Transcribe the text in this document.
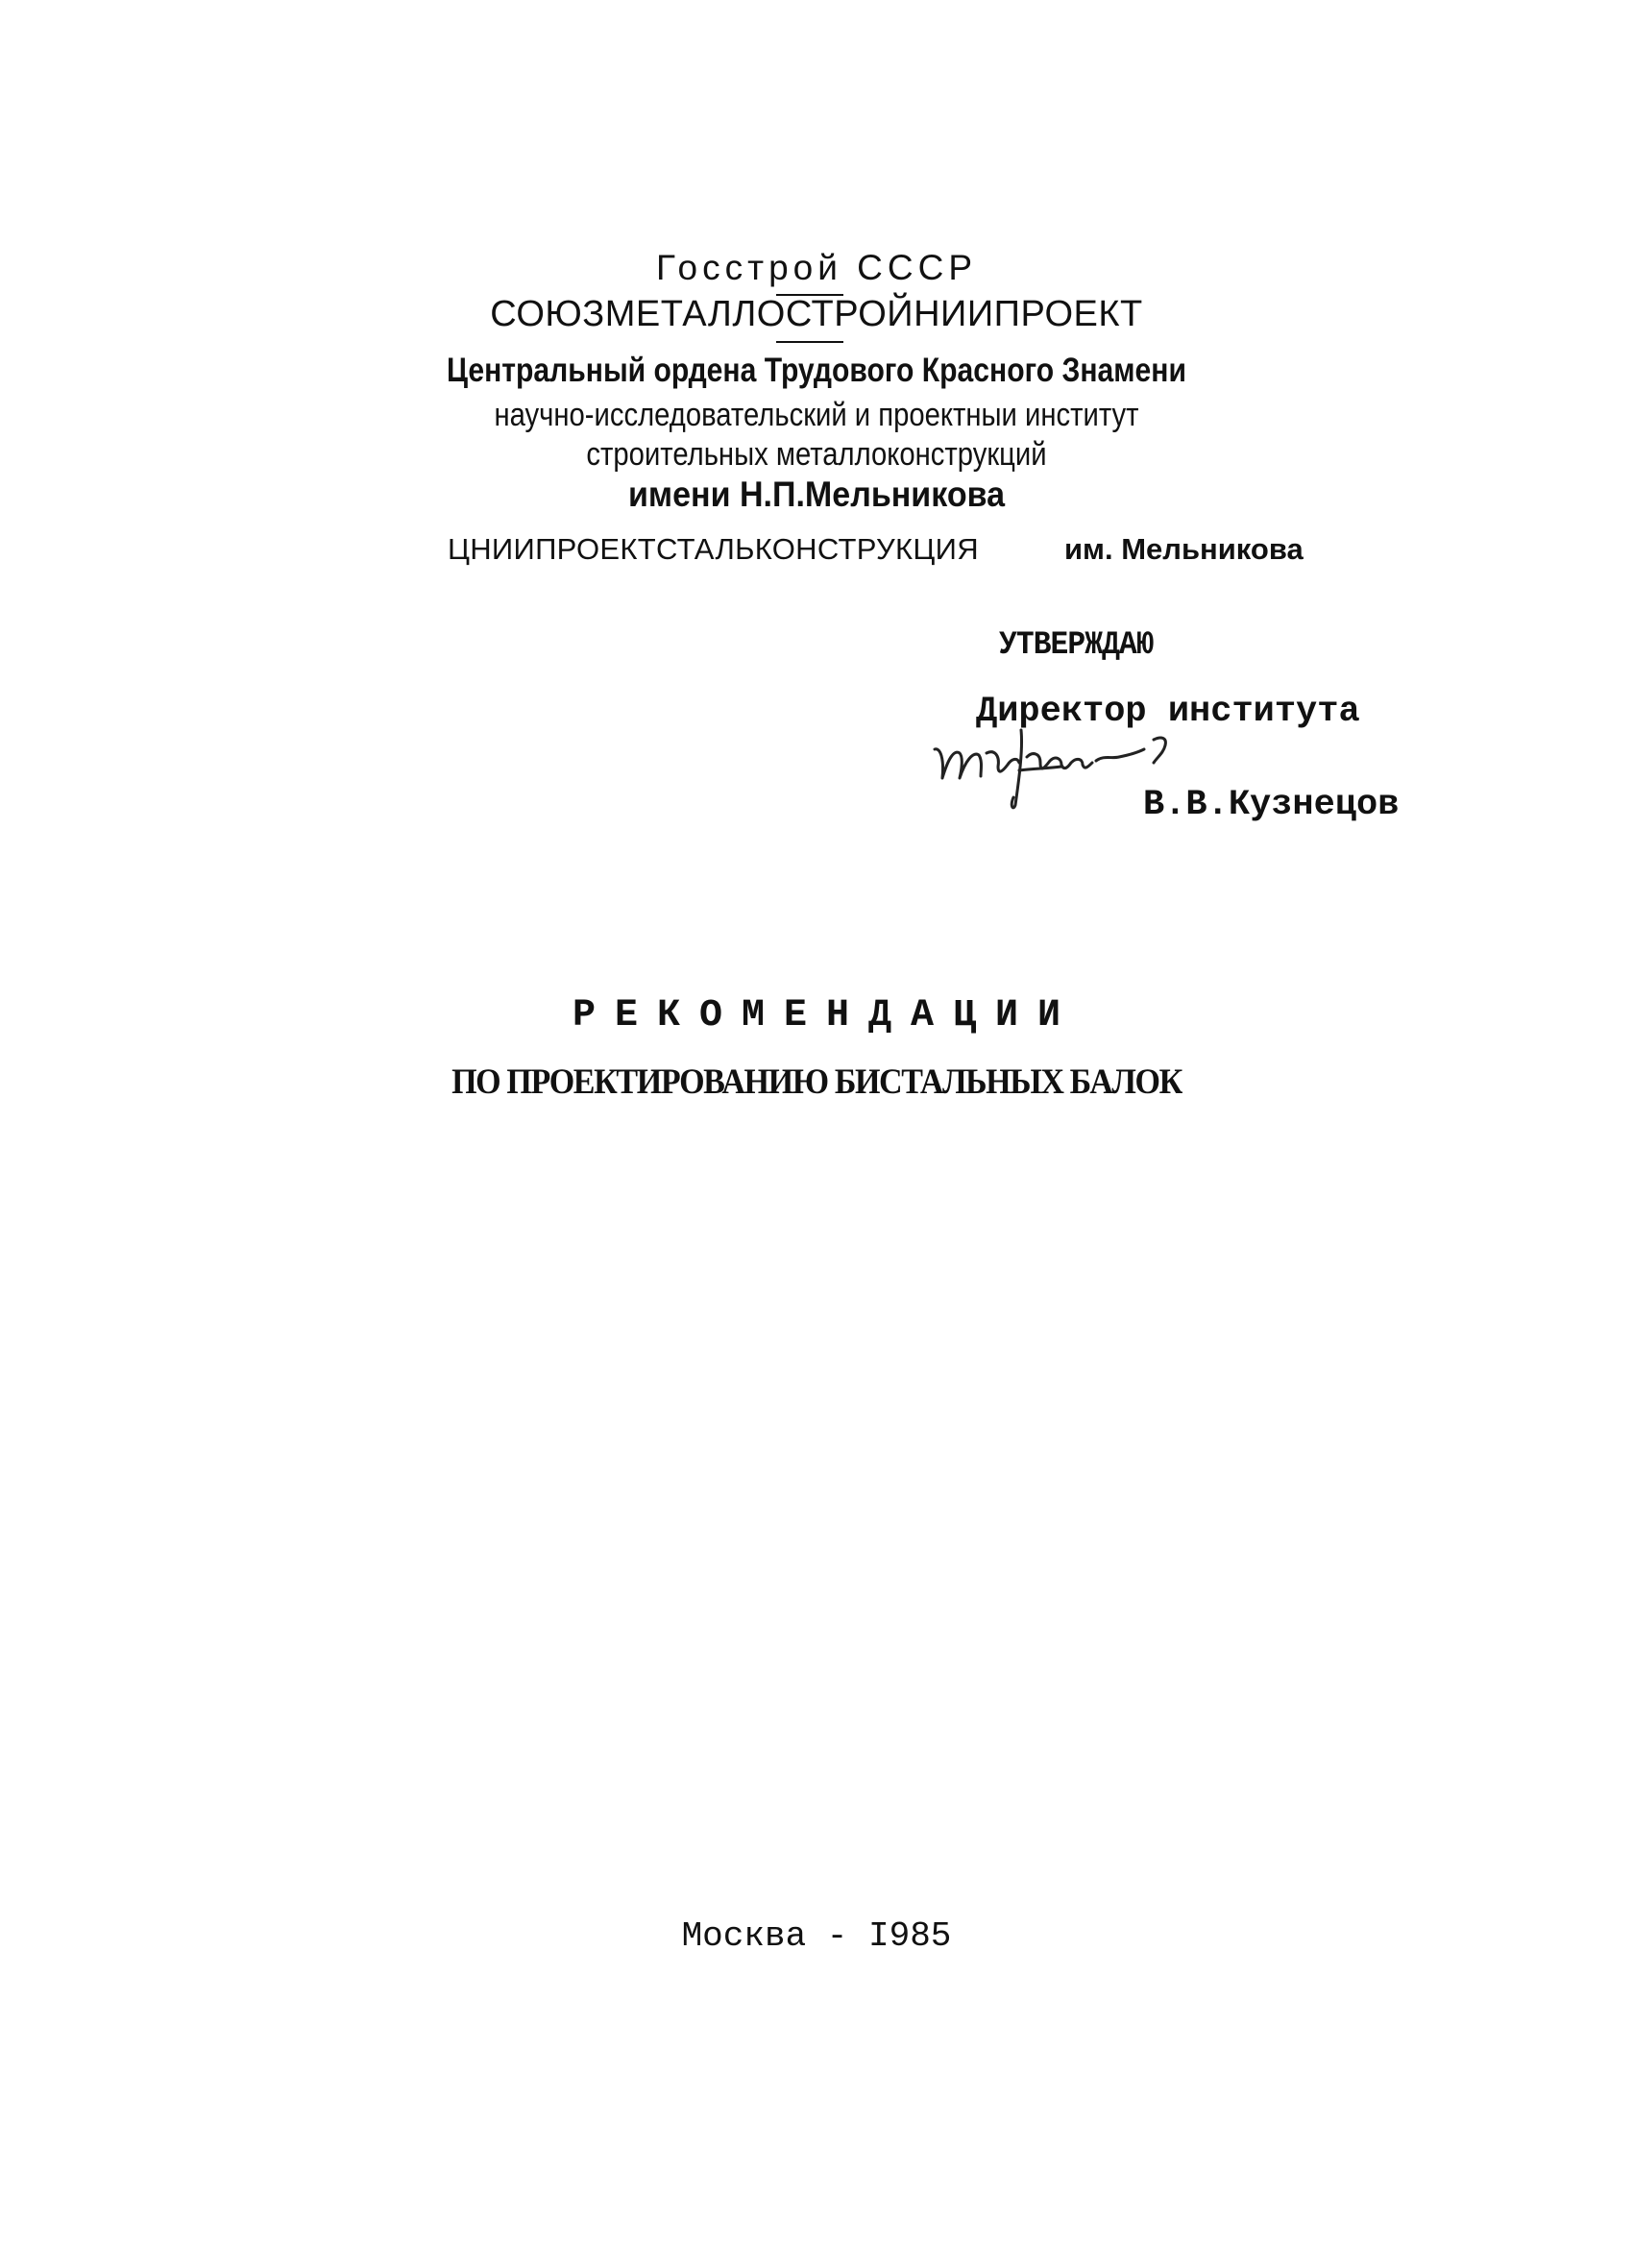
Госстрой СССР
СОЮЗМЕТАЛЛОСТРОЙНИИПРОЕКТ
Центральный ордена Трудового Красного Знамени
научно-исследовательский и проектныи институт
строительных металлоконструкций
имени Н.П.Мельникова
ЦНИИПРОЕКТСТАЛЬКОНСТРУКЦИЯ	им. Мельникова
УТВЕРЖДАЮ
Директор института
В.В.Кузнецов
РЕКОМЕНДАЦИИ
ПО ПРОЕКТИРОВАНИЮ БИСТАЛЬНЫХ БАЛОК
Москва - I985
